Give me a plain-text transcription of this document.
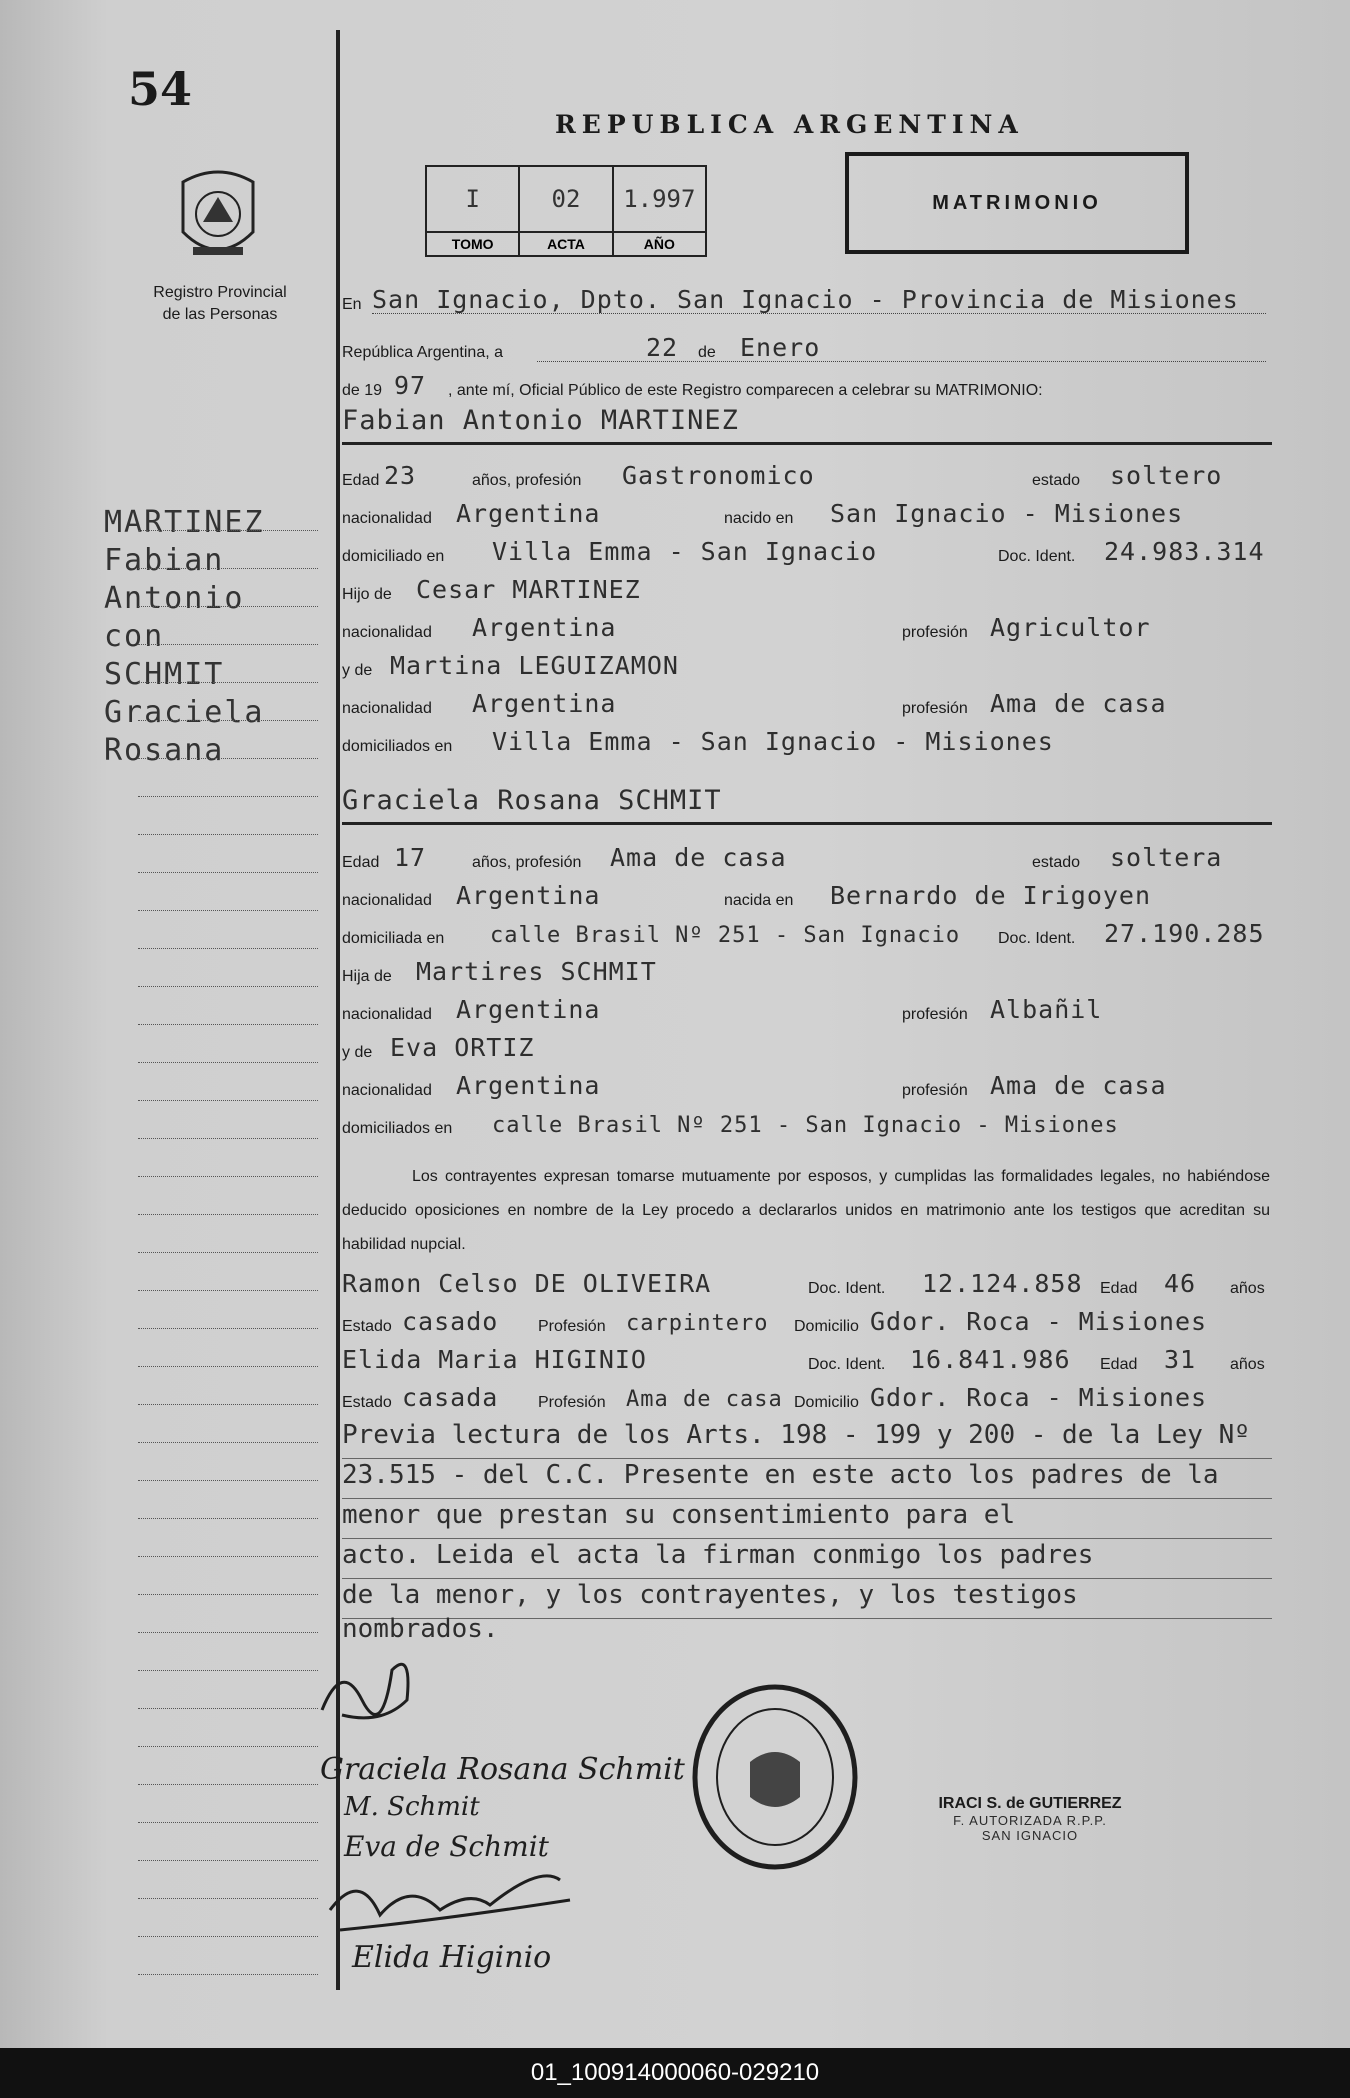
54
Registro Provincial
de las Personas
MARTINEZ
Fabian
Antonio
con
SCHMIT
Graciela
Rosana
REPUBLICA ARGENTINA
I
TOMO
02
ACTA
1.997
AÑO
MATRIMONIO
En San Ignacio, Dpto. San Ignacio - Provincia de Misiones
República Argentina, a	22 de Enero
de 19 97 , ante mí, Oficial Público de este Registro comparecen a celebrar su MATRIMONIO:
Fabian Antonio MARTINEZ
Edad 23	años, profesión Gastronomico	estado soltero
nacionalidad Argentina	nacido en San Ignacio - Misiones
domiciliado en Villa Emma - San Ignacio	Doc. Ident. 24.983.314
Hijo de Cesar MARTINEZ
nacionalidad Argentina	profesión Agricultor
y de Martina LEGUIZAMON
nacionalidad Argentina	profesión Ama de casa
domiciliados en Villa Emma - San Ignacio - Misiones
Graciela Rosana SCHMIT
Edad 17	años, profesión Ama de casa	estado soltera
nacionalidad Argentina	nacida en Bernardo de Irigoyen
domiciliada en calle Brasil Nº 251 - San Ignacio Doc. Ident. 27.190.285
Hija de Martires SCHMIT
nacionalidad Argentina	profesión Albañil
y de Eva ORTIZ
nacionalidad Argentina	profesión Ama de casa
domiciliados en calle Brasil Nº 251 - San Ignacio - Misiones
Los contrayentes expresan tomarse mutuamente por esposos, y cumplidas las formalidades legales, no habiéndose deducido oposiciones en nombre de la Ley procedo a declararlos unidos en matrimonio ante los testigos que acreditan su habilidad nupcial.
Ramon Celso DE OLIVEIRA	Doc. Ident. 12.124.858 Edad 46 años
Estado casado Profesión carpintero Domicilio Gdor. Roca - Misiones
Elida Maria HIGINIO	Doc. Ident. 16.841.986 Edad 31 años
Estado casada Profesión Ama de casa Domicilio Gdor. Roca - Misiones
Previa lectura de los Arts. 198 - 199 y 200 - de la Ley Nº
23.515 - del C.C. Presente en este acto los padres de la
menor que prestan su consentimiento para el
acto. Leida el acta la firman conmigo los padres
de la menor, y los contrayentes, y los testigos
nombrados.
Graciela Rosana Schmit
M. Schmit
Eva de Schmit
Elida Higinio
IRACI S. de GUTIERREZ
F. AUTORIZADA R.P.P.
SAN IGNACIO
01_100914000060-029210
